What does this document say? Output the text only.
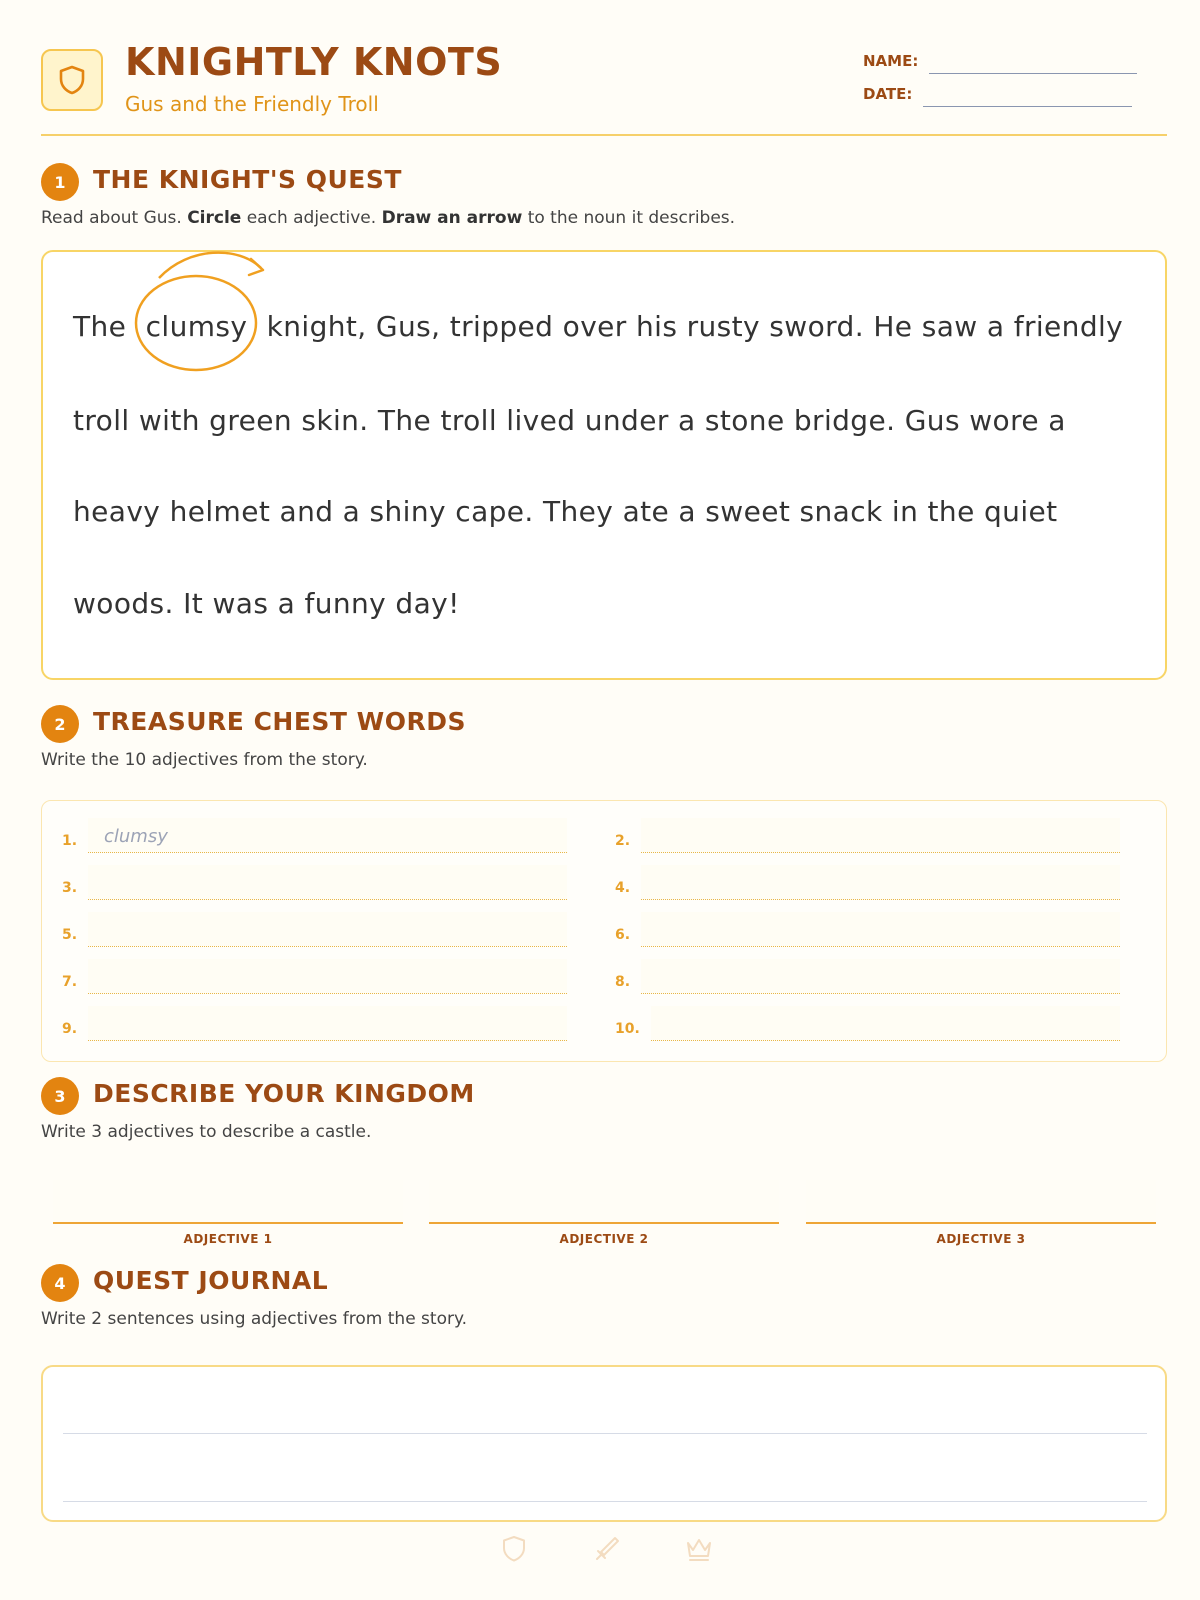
KNIGHTLY KNOTS
Gus and the Friendly Troll
NAME:
DATE:
1	THE KNIGHT'S QUEST
Read about Gus. Circle each adjective. Draw an arrow to the noun it describes.
The clumsy knight, Gus, tripped over his rusty sword. He saw a friendly
troll with green skin. The troll lived under a stone bridge. Gus wore a
heavy helmet and a shiny cape. They ate a sweet snack in the quiet
woods. It was a funny day!
2	TREASURE CHEST WORDS
Write the 10 adjectives from the story.
1. clumsy	2.
3.	4.
5.	6.
7.	8.
9.	10.
3	DESCRIBE YOUR KINGDOM
Write 3 adjectives to describe a castle.
ADJECTIVE 1	ADJECTIVE 2	ADJECTIVE 3
4	QUEST JOURNAL
Write 2 sentences using adjectives from the story.
